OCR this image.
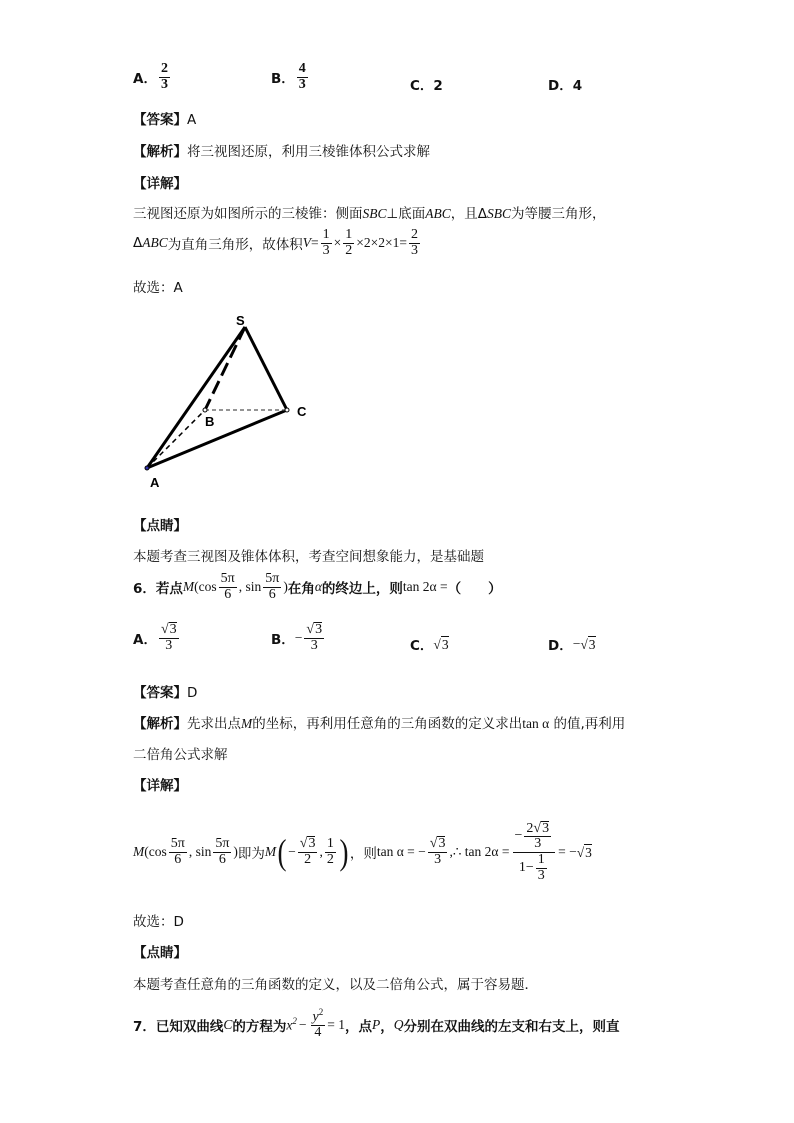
A． $\frac{2}{3}$	B． $\frac{4}{3}$	C．2	D．4
【答案】A
【解析】将三视图还原，利用三棱锥体积公式求解
【详解】
三视图还原为如图所示的三棱锥：侧面SBC⊥底面ABC，且ΔSBC为等腰三角形，
Δ ABC 为直角三角形，故体积 $V = \frac{1}{3} \times \frac{1}{2} \times 2\times 2\times 1= \frac{2}{3}$
故选：A
S
B
C
A
【点睛】
本题考查三视图及锥体体积，考查空间想象能力，是基础题
6．若点 M ($\cos \frac{5\pi}{6}$ , $\sin \frac{5\pi}{6}$ ) 在角 α 的终边上，则 tan 2α = （　　）
A． $\frac{√3}{3}$	B． − $\frac{√3}{3}$	C． √3	D． − √3
【答案】D
【解析】先求出点M的坐标，再利用任意角的三角函数的定义求出tan α 的值,再利用
二倍角公式求解
【详解】
M ($\cos \frac{5\pi}{6}$ , $\sin \frac{5\pi}{6}$ ) 即为 M ( − $\frac{√3}{2}$ , $\frac{1}{2}$ ) ，则 tan α = − $\frac{√3}{3}$ ,∴ $\tan 2\alpha = \frac{- \frac{2√3}{3}}{1- \frac{1}{3}}$ = − √3
故选：D
【点睛】
本题考查任意角的三角函数的定义，以及二倍角公式，属于容易题．
7．已知双曲线 C 的方程为 $x^2 - \frac{y^2}{4} = 1$ ，点 P ， Q 分别在双曲线的左支和右支上，则直
